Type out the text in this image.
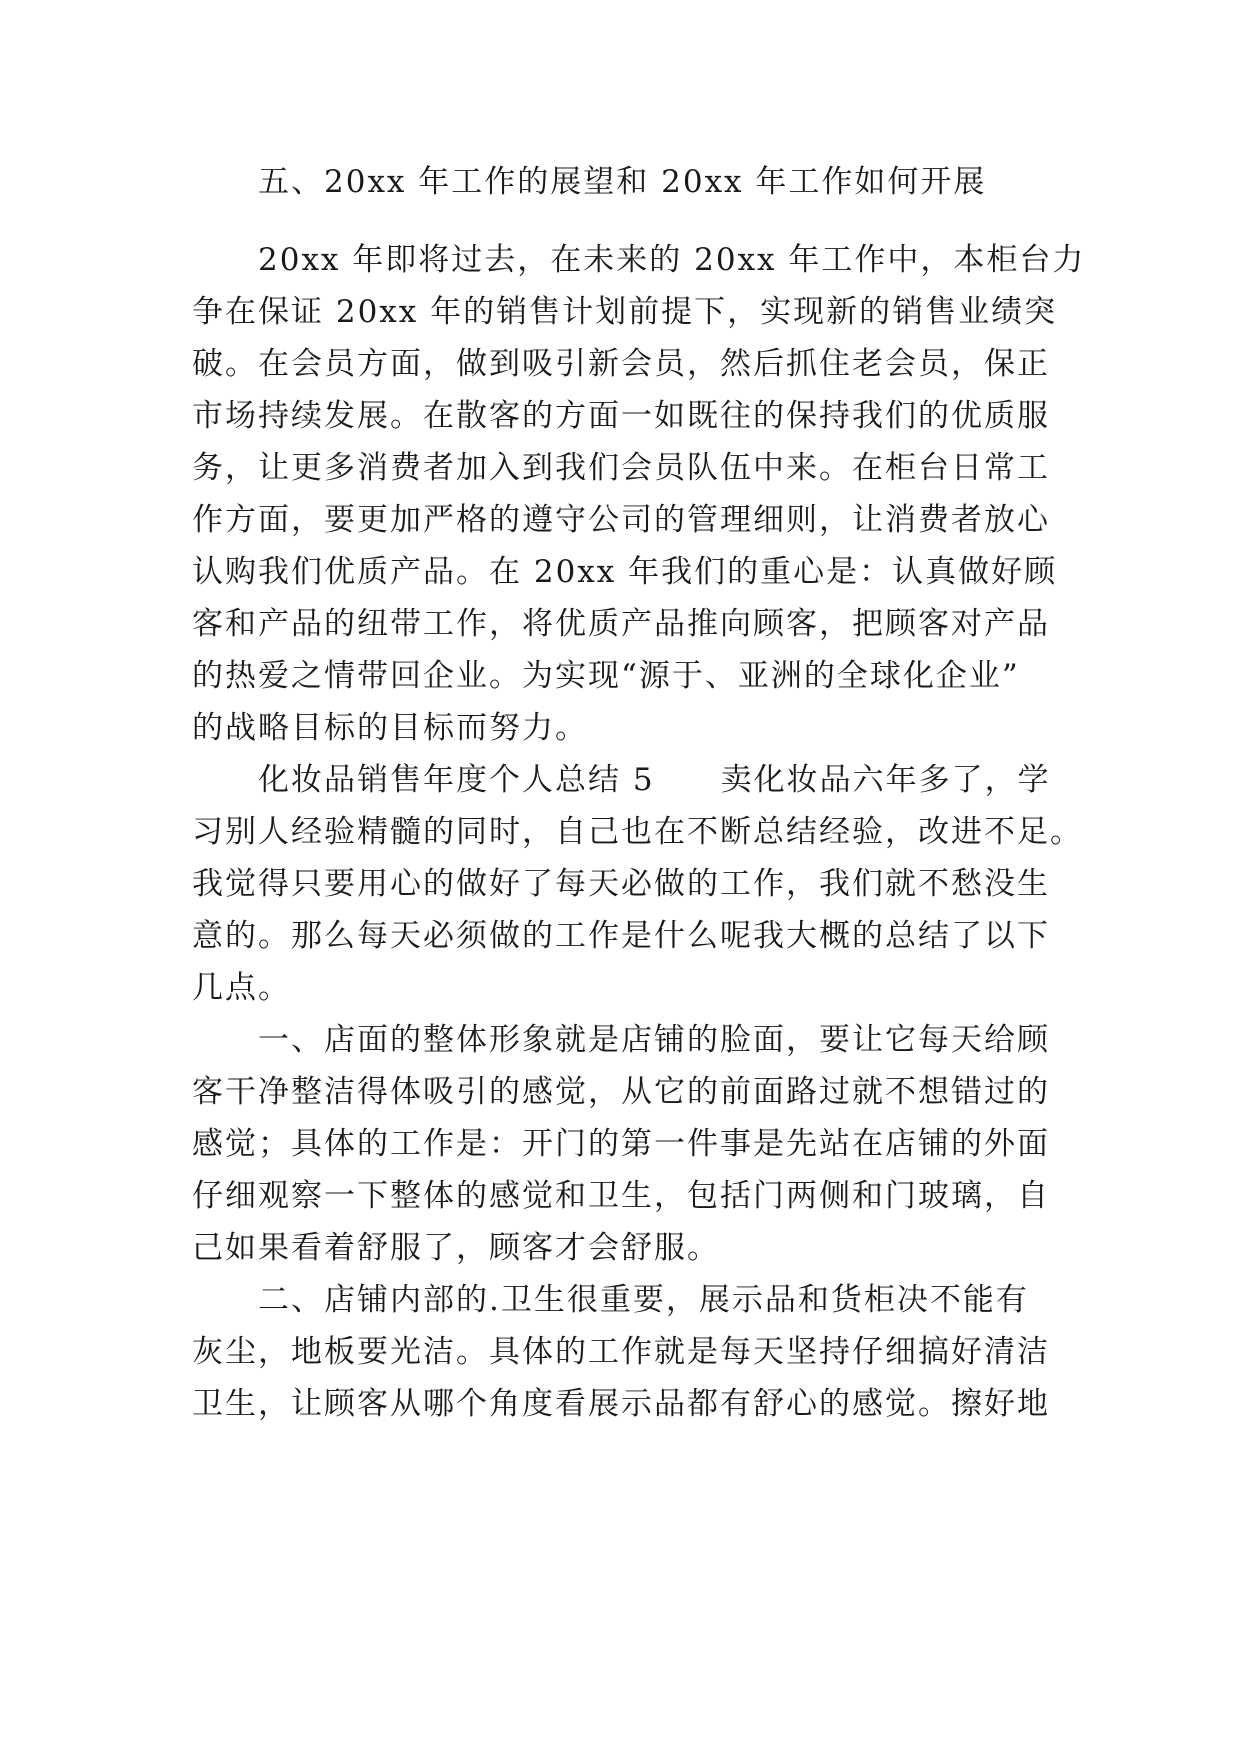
五、20xx 年工作的展望和 20xx 年工作如何开展
20xx 年即将过去，在未来的 20xx 年工作中，本柜台力
争在保证 20xx 年的销售计划前提下，实现新的销售业绩突
破。在会员方面，做到吸引新会员，然后抓住老会员，保正
市场持续发展。在散客的方面一如既往的保持我们的优质服
务，让更多消费者加入到我们会员队伍中来。在柜台日常工
作方面，要更加严格的遵守公司的管理细则，让消费者放心
认购我们优质产品。在 20xx 年我们的重心是：认真做好顾
客和产品的纽带工作，将优质产品推向顾客，把顾客对产品
的热爱之情带回企业。为实现“源于、亚洲的全球化企业”
的战略目标的目标而努力。
化妆品销售年度个人总结 5　　卖化妆品六年多了，学
习别人经验精髓的同时，自己也在不断总结经验，改进不足。
我觉得只要用心的做好了每天必做的工作，我们就不愁没生
意的。那么每天必须做的工作是什么呢我大概的总结了以下
几点。
一、店面的整体形象就是店铺的脸面，要让它每天给顾
客干净整洁得体吸引的感觉，从它的前面路过就不想错过的
感觉；具体的工作是：开门的第一件事是先站在店铺的外面
仔细观察一下整体的感觉和卫生，包括门两侧和门玻璃，自
己如果看着舒服了，顾客才会舒服。
二、店铺内部的.卫生很重要，展示品和货柜决不能有
灰尘，地板要光洁。具体的工作就是每天坚持仔细搞好清洁
卫生，让顾客从哪个角度看展示品都有舒心的感觉。擦好地
